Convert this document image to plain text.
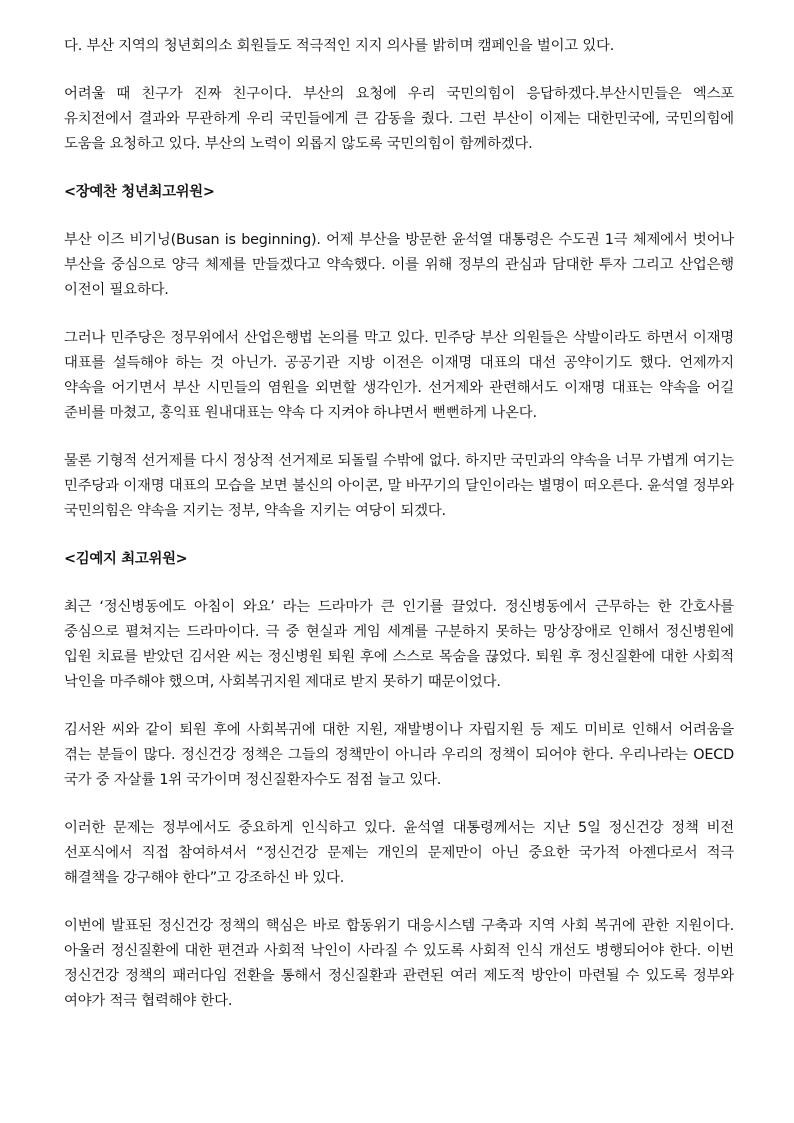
다. 부산 지역의 청년회의소 회원들도 적극적인 지지 의사를 밝히며 캠페인을 벌이고 있다.

어려울 때 친구가 진짜 친구이다. 부산의 요청에 우리 국민의힘이 응답하겠다.부산시민들은 엑스포 유치전에서 결과와 무관하게 우리 국민들에게 큰 감동을 줬다. 그런 부산이 이제는 대한민국에, 국민의힘에 도움을 요청하고 있다. 부산의 노력이 외롭지 않도록 국민의힘이 함께하겠다.

<장예찬 청년최고위원>

부산 이즈 비기닝(Busan is beginning). 어제 부산을 방문한 윤석열 대통령은 수도권 1극 체제에서 벗어나 부산을 중심으로 양극 체제를 만들겠다고 약속했다. 이를 위해 정부의 관심과 담대한 투자 그리고 산업은행 이전이 필요하다.

그러나 민주당은 정무위에서 산업은행법 논의를 막고 있다. 민주당 부산 의원들은 삭발이라도 하면서 이재명 대표를 설득해야 하는 것 아닌가. 공공기관 지방 이전은 이재명 대표의 대선 공약이기도 했다. 언제까지 약속을 어기면서 부산 시민들의 염원을 외면할 생각인가. 선거제와 관련해서도 이재명 대표는 약속을 어길 준비를 마쳤고, 홍익표 원내대표는 약속 다 지켜야 하냐면서 뻔뻔하게 나온다.

물론 기형적 선거제를 다시 정상적 선거제로 되돌릴 수밖에 없다. 하지만 국민과의 약속을 너무 가볍게 여기는 민주당과 이재명 대표의 모습을 보면 불신의 아이콘, 말 바꾸기의 달인이라는 별명이 떠오른다. 윤석열 정부와 국민의힘은 약속을 지키는 정부, 약속을 지키는 여당이 되겠다.

<김예지 최고위원>

최근 ‘정신병동에도 아침이 와요’ 라는 드라마가 큰 인기를 끌었다. 정신병동에서 근무하는 한 간호사를 중심으로 펼쳐지는 드라마이다. 극 중 현실과 게임 세계를 구분하지 못하는 망상장애로 인해서 정신병원에 입원 치료를 받았던 김서완 씨는 정신병원 퇴원 후에 스스로 목숨을 끊었다. 퇴원 후 정신질환에 대한 사회적 낙인을 마주해야 했으며, 사회복귀지원 제대로 받지 못하기 때문이었다.

김서완 씨와 같이 퇴원 후에 사회복귀에 대한 지원, 재발병이나 자립지원 등 제도 미비로 인해서 어려움을 겪는 분들이 많다. 정신건강 정책은 그들의 정책만이 아니라 우리의 정책이 되어야 한다. 우리나라는 OECD 국가 중 자살률 1위 국가이며 정신질환자수도 점점 늘고 있다.

이러한 문제는 정부에서도 중요하게 인식하고 있다. 윤석열 대통령께서는 지난 5일 정신건강 정책 비전 선포식에서 직접 참여하셔서 “정신건강 문제는 개인의 문제만이 아닌 중요한 국가적 아젠다로서 적극 해결책을 강구해야 한다”고 강조하신 바 있다.

이번에 발표된 정신건강 정책의 핵심은 바로 합동위기 대응시스템 구축과 지역 사회 복귀에 관한 지원이다. 아울러 정신질환에 대한 편견과 사회적 낙인이 사라질 수 있도록 사회적 인식 개선도 병행되어야 한다. 이번 정신건강 정책의 패러다임 전환을 통해서 정신질환과 관련된 여러 제도적 방안이 마련될 수 있도록 정부와 여야가 적극 협력해야 한다.
